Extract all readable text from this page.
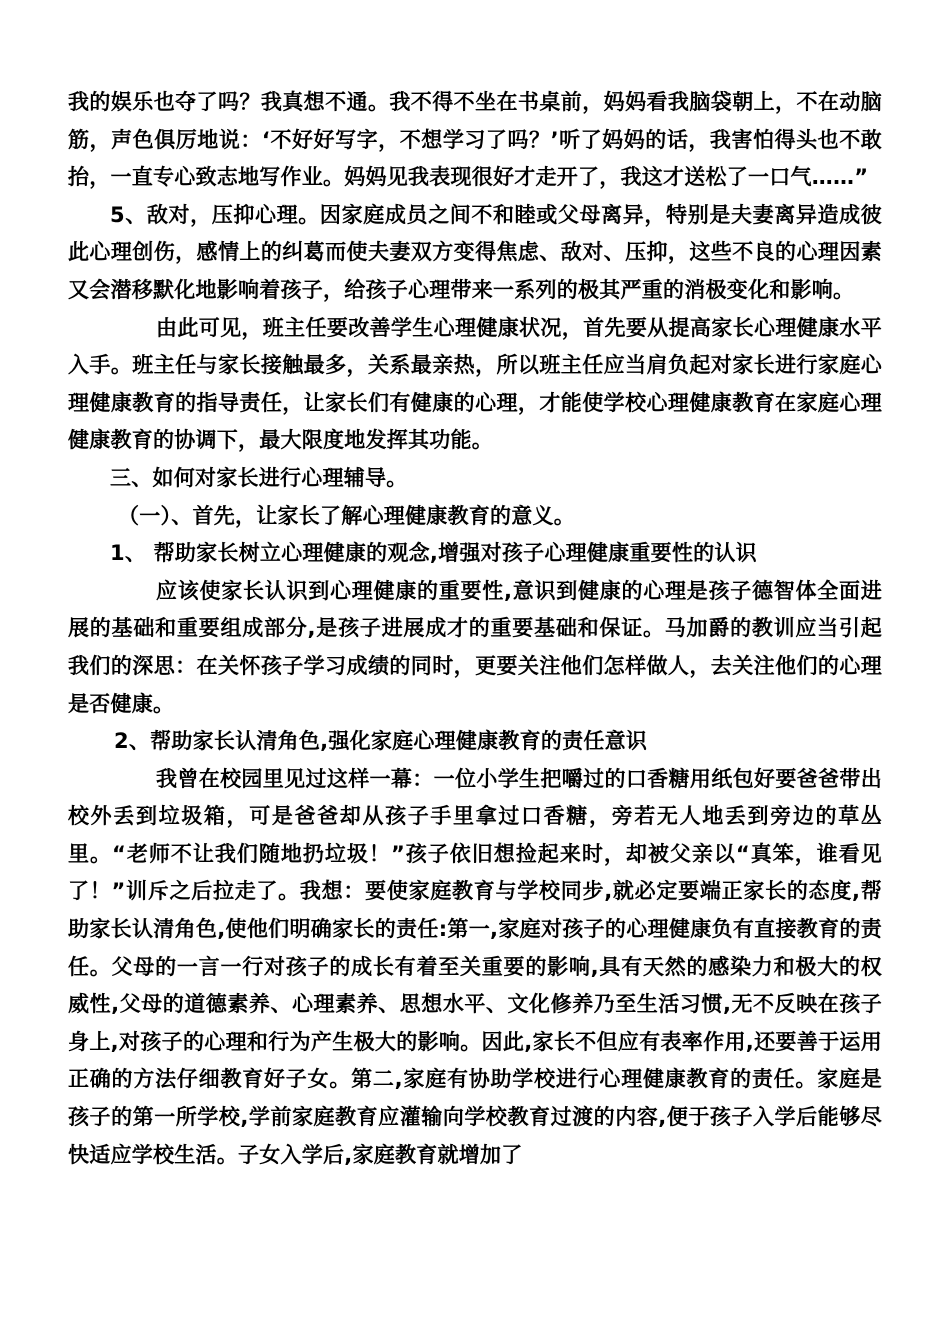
我的娱乐也夺了吗？我真想不通。我不得不坐在书桌前，妈妈看我脑袋朝上，不在动脑筋，声色俱厉地说：‘不好好写字，不想学习了吗？’听了妈妈的话，我害怕得头也不敢抬，一直专心致志地写作业。妈妈见我表现很好才走开了，我这才送松了一口气……”

5、敌对，压抑心理。因家庭成员之间不和睦或父母离异，特别是夫妻离异造成彼此心理创伤，感情上的纠葛而使夫妻双方变得焦虑、敌对、压抑，这些不良的心理因素又会潜移默化地影响着孩子，给孩子心理带来一系列的极其严重的消极变化和影响。

由此可见，班主任要改善学生心理健康状况，首先要从提高家长心理健康水平入手。班主任与家长接触最多，关系最亲热，所以班主任应当肩负起对家长进行家庭心理健康教育的指导责任，让家长们有健康的心理，才能使学校心理健康教育在家庭心理健康教育的协调下，最大限度地发挥其功能。

三、如何对家长进行心理辅导。

（一）、首先，让家长了解心理健康教育的意义。

1、 帮助家长树立心理健康的观念,增强对孩子心理健康重要性的认识

应该使家长认识到心理健康的重要性,意识到健康的心理是孩子德智体全面进展的基础和重要组成部分,是孩子进展成才的重要基础和保证。马加爵的教训应当引起我们的深思：在关怀孩子学习成绩的同时，更要关注他们怎样做人，去关注他们的心理是否健康。

2、帮助家长认清角色,强化家庭心理健康教育的责任意识

我曾在校园里见过这样一幕：一位小学生把嚼过的口香糖用纸包好要爸爸带出校外丢到垃圾箱，可是爸爸却从孩子手里拿过口香糖，旁若无人地丢到旁边的草丛里。“老师不让我们随地扔垃圾！”孩子依旧想捡起来时，却被父亲以“真笨，谁看见了！”训斥之后拉走了。我想：要使家庭教育与学校同步,就必定要端正家长的态度,帮助家长认清角色,使他们明确家长的责任:第一,家庭对孩子的心理健康负有直接教育的责任。父母的一言一行对孩子的成长有着至关重要的影响,具有天然的感染力和极大的权威性,父母的道德素养、心理素养、思想水平、文化修养乃至生活习惯,无不反映在孩子身上,对孩子的心理和行为产生极大的影响。因此,家长不但应有表率作用,还要善于运用正确的方法仔细教育好子女。第二,家庭有协助学校进行心理健康教育的责任。家庭是孩子的第一所学校,学前家庭教育应灌输向学校教育过渡的内容,便于孩子入学后能够尽快适应学校生活。子女入学后,家庭教育就增加了
